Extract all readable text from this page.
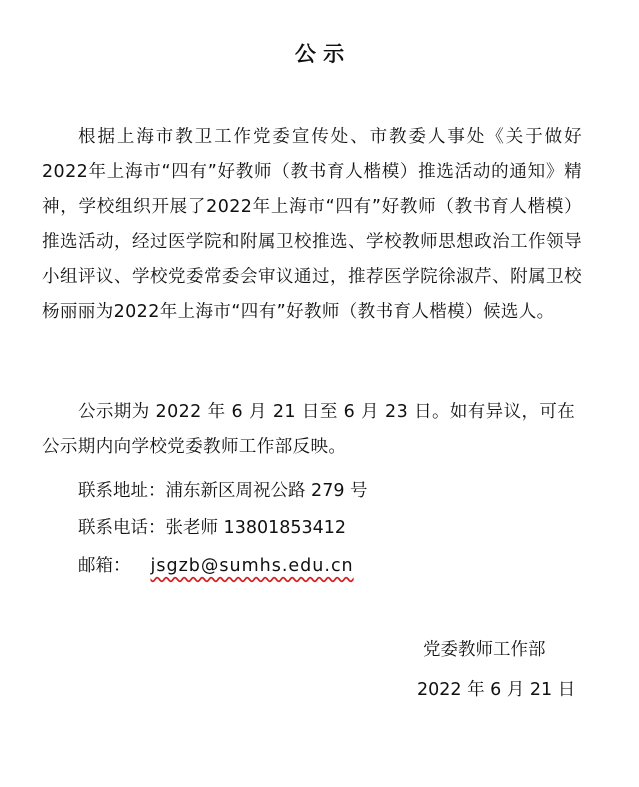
公 示
根据上海市教卫工作党委宣传处、市教委人事处《关于做好2022年上海市“四有”好教师（教书育人楷模）推选活动的通知》精神，学校组织开展了2022年上海市“四有”好教师（教书育人楷模）推选活动，经过医学院和附属卫校推选、学校教师思想政治工作领导小组评议、学校党委常委会审议通过，推荐医学院徐淑芹、附属卫校杨丽丽为2022年上海市“四有”好教师（教书育人楷模）候选人。
公示期为 2022 年 6 月 21 日至 6 月 23 日。如有异议，可在公示期内向学校党委教师工作部反映。
联系地址：浦东新区周祝公路 279 号
联系电话：张老师 13801853412
邮箱： jsgzb@sumhs.edu.cn
党委教师工作部
2022 年 6 月 21 日
